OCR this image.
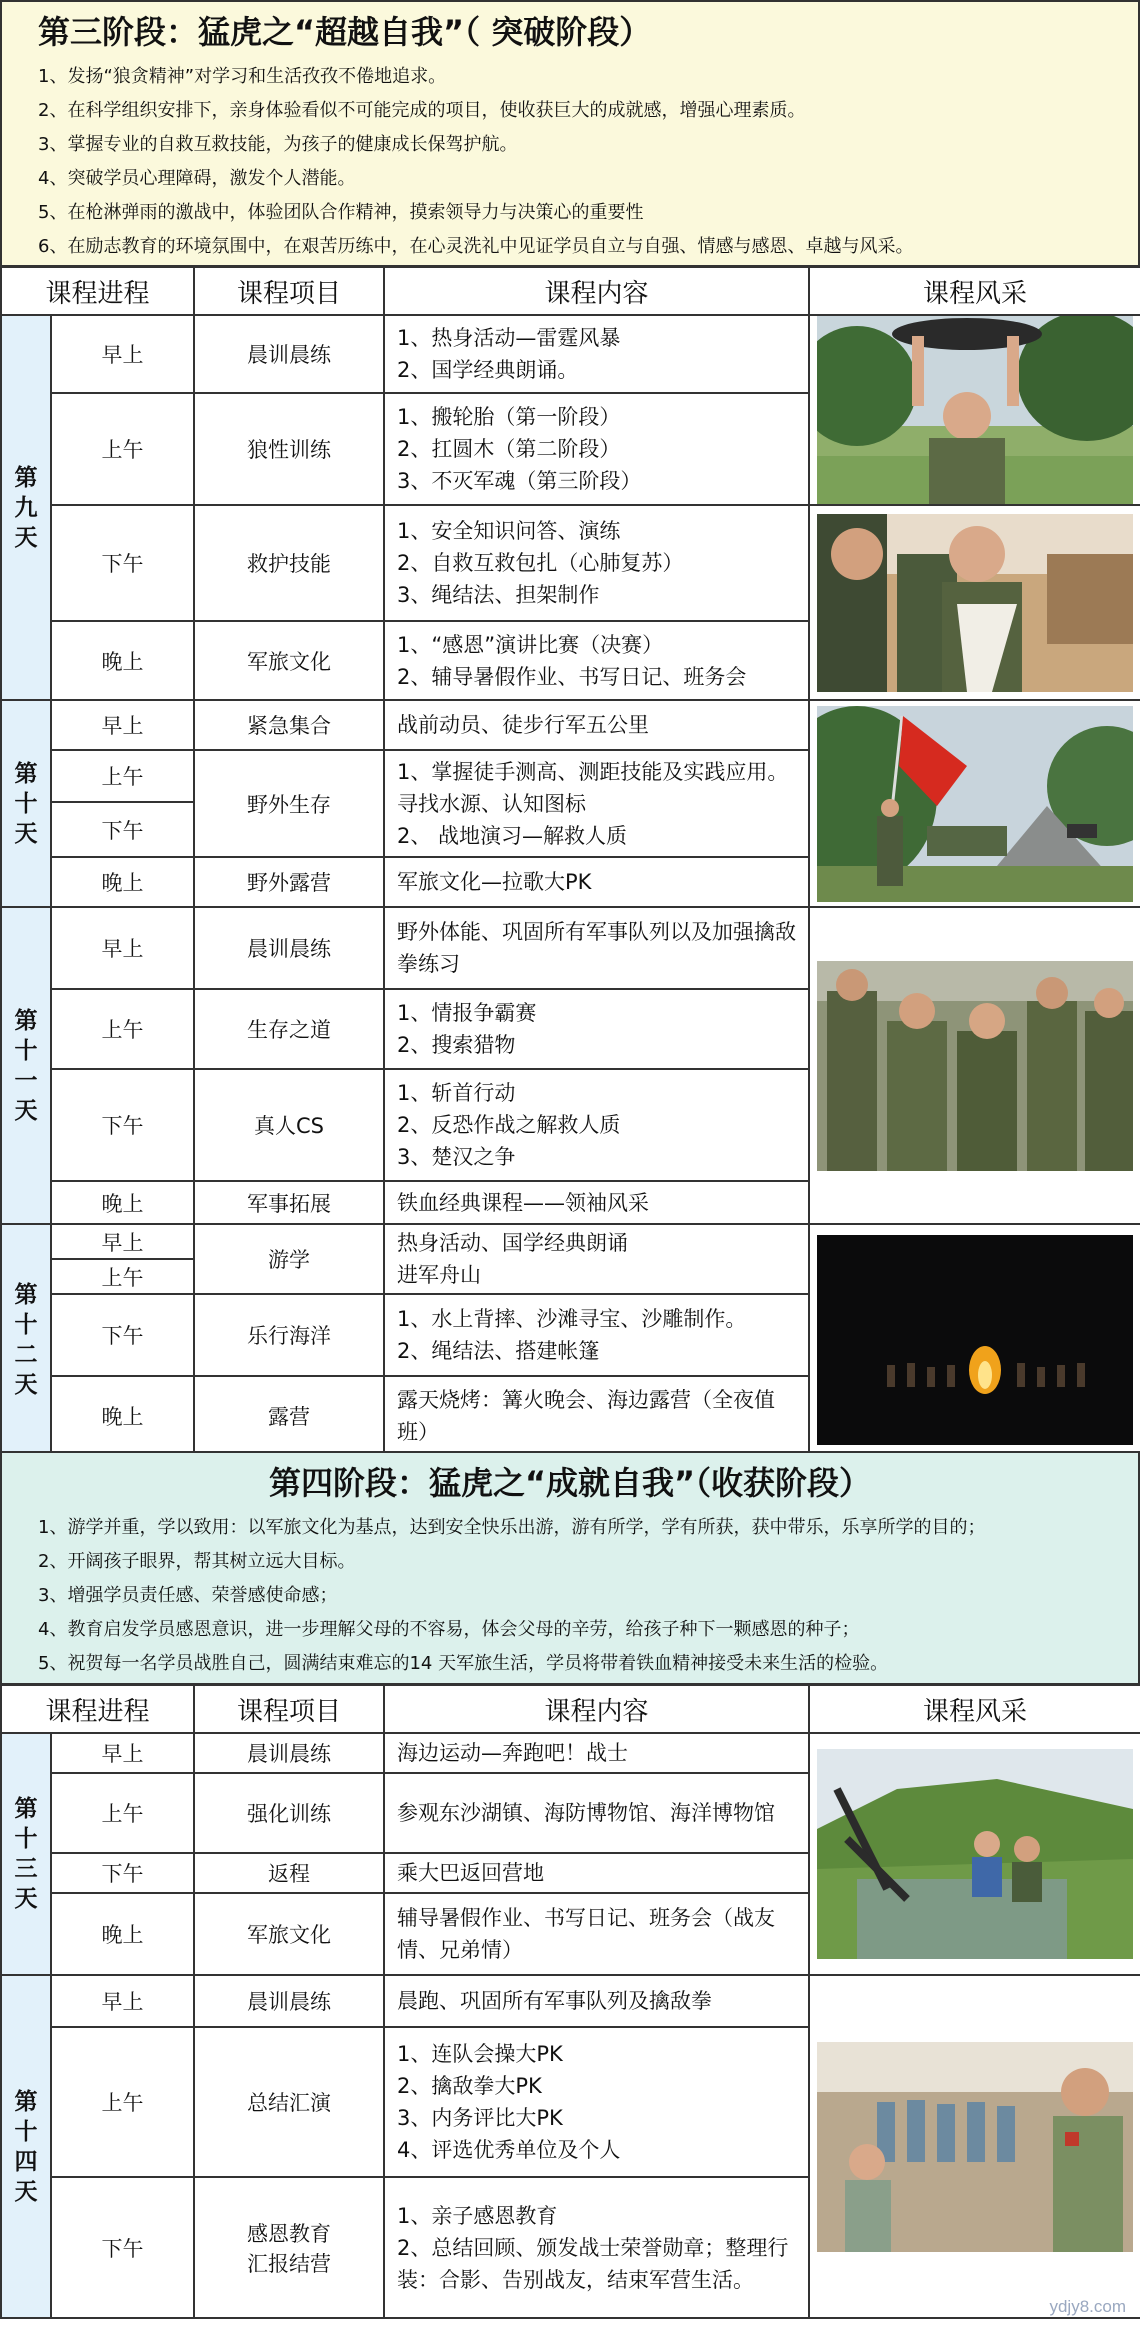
第三阶段：猛虎之“超越自我”（ 突破阶段）
1、发扬“狼贪精神”对学习和生活孜孜不倦地追求。
2、在科学组织安排下，亲身体验看似不可能完成的项目，使收获巨大的成就感，增强心理素质。
3、掌握专业的自救互救技能，为孩子的健康成长保驾护航。
4、突破学员心理障碍，激发个人潜能。
5、在枪淋弹雨的激战中，体验团队合作精神，摸索领导力与决策心的重要性
6、在励志教育的环境氛围中，在艰苦历练中，在心灵洗礼中见证学员自立与自强、情感与感恩、卓越与风采。
课程进程		课程项目	课程内容	课程风采
第九天	早上	晨训晨练	1、热身活动—雷霆风暴
2、国学经典朗诵。

	上午	狼性训练	1、搬轮胎（第一阶段）
2、扛圆木（第二阶段）
3、不灭军魂（第三阶段）	

	下午	救护技能	1、安全知识问答、演练
2、自救互救包扎（心肺复苏）
3、绳结法、担架制作

	晚上	军旅文化	1、“感恩”演讲比赛（决赛）
2、辅导暑假作业、书写日记、班务会	

第十天	早上	紧急集合	战前动员、徒步行军五公里	

	上午	野外生存	1、掌握徒手测高、测距技能及实践应用。寻找水源、认知图标
2、 战地演习—解救人质	

	下午			
	晚上	野外露营	军旅文化—拉歌大PK	
第十一天	早上	晨训晨练	野外体能、巩固所有军事队列以及加强擒敌拳练习	

	上午	生存之道	1、情报争霸赛
2、搜索猎物	

	下午	真人CS	1、斩首行动
2、反恐作战之解救人质
3、楚汉之争	

	晚上	军事拓展	铁血经典课程——领袖风采	
第十二天	早上	游学	热身活动、国学经典朗诵
进军舟山

	上午			
	下午	乐行海洋	1、水上背摔、沙滩寻宝、沙雕制作。
2、绳结法、搭建帐篷	

	晚上	露营	露天烧烤：篝火晚会、海边露营（全夜值班）	
第四阶段：猛虎之“成就自我”（收获阶段）
1、游学并重，学以致用：以军旅文化为基点，达到安全快乐出游，游有所学，学有所获，获中带乐，乐享所学的目的；
2、开阔孩子眼界，帮其树立远大目标。
3、增强学员责任感、荣誉感使命感；
4、教育启发学员感恩意识，进一步理解父母的不容易，体会父母的辛劳，给孩子种下一颗感恩的种子；
5、祝贺每一名学员战胜自己，圆满结束难忘的14 天军旅生活，学员将带着铁血精神接受未来生活的检验。
课程进程		课程项目	课程内容	课程风采
第十三天	早上	晨训晨练	海边运动—奔跑吧！战士	

	上午	强化训练	参观东沙湖镇、海防博物馆、海洋博物馆	
	下午	返程	乘大巴返回营地	
	晚上	军旅文化	辅导暑假作业、书写日记、班务会（战友情、兄弟情）	
第十四天	早上	晨训晨练	晨跑、巩固所有军事队列及擒敌拳	

	上午	总结汇演	1、连队会操大PK
2、擒敌拳大PK
3、内务评比大PK
4、评选优秀单位及个人	

	下午	感恩教育
汇报结营	1、亲子感恩教育
2、总结回顾、颁发战士荣誉勋章；整理行装：合影、告别战友，结束军营生活。	
ydjy8.com
